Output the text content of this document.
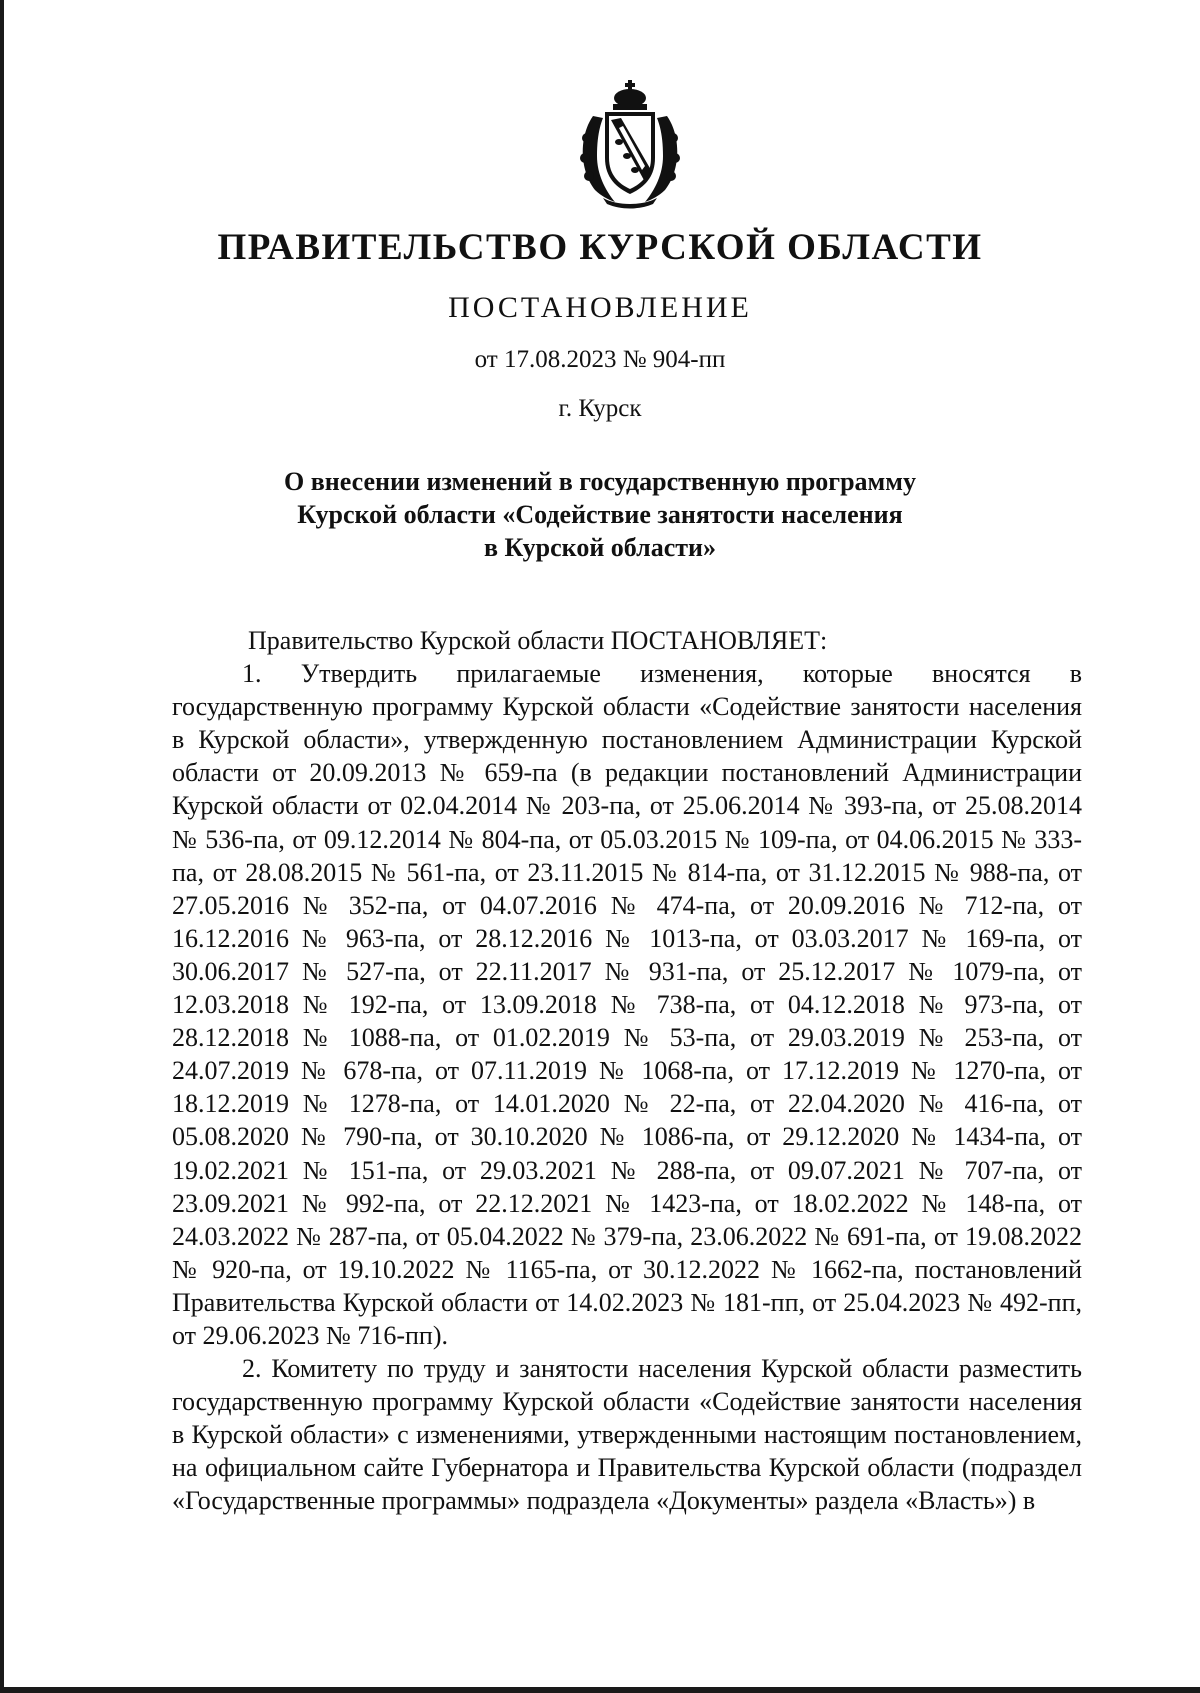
ПРАВИТЕЛЬСТВО КУРСКОЙ ОБЛАСТИ
ПОСТАНОВЛЕНИЕ
от 17.08.2023 № 904-пп
г. Курск
О внесении изменений в государственную программу
Курской области «Содействие занятости населения
в Курской области»

Правительство Курской области ПОСТАНОВЛЯЕТ:

1. Утвердить прилагаемые изменения, которые вносятся в государственную программу Курской области «Содействие занятости населения в Курской области», утвержденную постановлением Администрации Курской области от 20.09.2013 № 659-па (в редакции постановлений Администрации Курской области от 02.04.2014 № 203-па, от 25.06.2014 № 393-па, от 25.08.2014 № 536-па, от 09.12.2014 № 804-па, от 05.03.2015 № 109-па, от 04.06.2015 № 333-па, от 28.08.2015 № 561-па, от 23.11.2015 № 814-па, от 31.12.2015 № 988-па, от 27.05.2016 № 352-па, от 04.07.2016 № 474-па, от 20.09.2016 № 712-па, от 16.12.2016 № 963-па, от 28.12.2016 № 1013-па, от 03.03.2017 № 169-па, от 30.06.2017 № 527-па, от 22.11.2017 № 931-па, от 25.12.2017 № 1079-па, от 12.03.2018 № 192-па, от 13.09.2018 № 738-па, от 04.12.2018 № 973-па, от 28.12.2018 № 1088-па, от 01.02.2019 № 53-па, от 29.03.2019 № 253-па, от 24.07.2019 № 678-па, от 07.11.2019 № 1068-па, от 17.12.2019 № 1270-па, от 18.12.2019 № 1278-па, от 14.01.2020 № 22-па, от 22.04.2020 № 416-па, от 05.08.2020 № 790-па, от 30.10.2020 № 1086-па, от 29.12.2020 № 1434-па, от 19.02.2021 № 151-па, от 29.03.2021 № 288-па, от 09.07.2021 № 707-па, от 23.09.2021 № 992-па, от 22.12.2021 № 1423-па, от 18.02.2022 № 148-па, от 24.03.2022 № 287-па, от 05.04.2022 № 379-па, 23.06.2022 № 691-па, от 19.08.2022 № 920-па, от 19.10.2022 № 1165-па, от 30.12.2022 № 1662-па, постановлений Правительства Курской области от 14.02.2023 № 181-пп, от 25.04.2023 № 492-пп, от 29.06.2023 № 716-пп).

2. Комитету по труду и занятости населения Курской области разместить государственную программу Курской области «Содействие занятости населения в Курской области» с изменениями, утвержденными настоящим постановлением, на официальном сайте Губернатора и Правительства Курской области (подраздел «Государственные программы» подраздела «Документы» раздела «Власть») в
